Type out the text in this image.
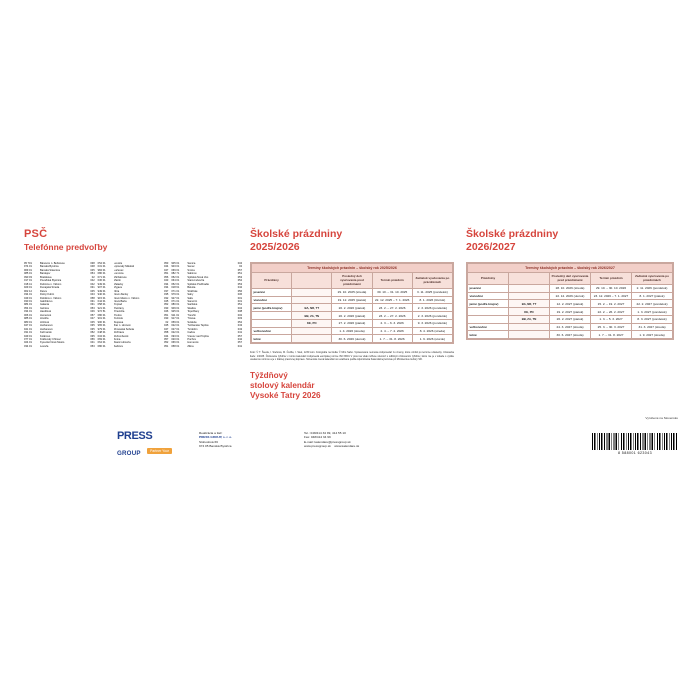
PSČ
Telefónne predvoľby
95 701	Bánovce n. Bebravou	038
974 01	Banská Bystrica	048
969 01	Banská Štiavnica	045
085 01	Bardejov	054
090 03	Bratislava	02
017 01	Považská Bystrica	042
018 41	Dubnica n. Váhom	042
929 01	Dunajská Streda	031
962 12	Detva	045
034 01	Dolný Kubín	043
049 01	Dobšiná n. Váhom	058
930 01	Gabčíkovo	031
984 01	Galanta	031
054 01	Gelnica	053
034 01	Handlová	046
066 01	Humenné	057
985 01	Hnúšťa	047
980 01	Hriňová	045
947 01	Hurbanovo	035
941 01	Hurbanovo	035
031 01	Kežmarok	052
949 01	Kolárovo	035
077 01	Kráľovský Chlmec	056
024 01	Kysucké Nové Mesto	041
034 01	Levoča	053
054 01	Levoča	053
031 01	Liptovský Mikuláš	044
984 01	Lučenec	047
080 01	Lomnica	051
071 01	Michalovce	056
036 01	Martin	043
949 01	Malacky	034
907 01	Myjava	034
949 01	Nitra	037
940 01	Nové Zámky	035
915 01	Nové Mesto n. Váhom	032
044 01	Nová Baňa	045
058 01	Poprad	052
921 01	Piešťany	033
972 51	Prievidza	046
080 01	Prešov	051
901 01	Pezinok	033
900 31	Stupava	02
965 01	Žiar n. Hronom	045
979 01	Rimavská Sobota	047
048 01	Rožňava	058
034 01	Ružomberok	044
069 01	Snina	057
064 01	Stará Ľubovňa	052
080 01	Sabinov	051
905 01	Senica	034
903 01	Senec	02
069 01	Smina	057
082 71	Sabinov	051
052 01	Spišská Nová Ves	053
064 01	Stará Ľubovňa	052
052 01	Spišské Podhradie	053
018 61	Beluša	042
071 01	Strážske	056
979 01	Šahy	036
927 01	Šaľa	031
071 01	Šamorín	031
080 01	Šarišské	051
909 01	Skalica	034
925 01	Topoľčany	038
911 01	Trenčín	032
917 01	Trnava	033
059 01	Svätuše	052
022 01	Turčianske Teplice	043
027 01	Tvrdošín	043
022 01	Čadca	041
093 01	Vranov nad Topľou	057
020 01	Púchov	042
066 01	Humenné	057
058 01	Žilina	041
Školské prázdniny
2025/2026
Termíny školských prázdnin – školský rok 2025/2026				
Prázdniny		Posledný deň vyučovania pred prázdninami	Termín prázdnin	Začiatok vyučovania po prázdninách
jesenné		29. 10. 2025 (streda)	30. 10. – 31. 10. 2025	3. 11. 2025 (pondelok)
vianočné		19. 12. 2025 (piatok)	22. 12. 2025 – 7. 1. 2026	8. 1. 2026 (štvrtok)
jarné (podľa krajov)	BA, NR, TT	20. 2. 2026 (piatok)	23. 2. – 27. 2. 2026	2. 3. 2026 (pondelok)
	BB, ZA, TN	20. 2. 2026 (piatok)	23. 2. – 27. 2. 2026	2. 3. 2026 (pondelok)
	KE, PO	27. 2. 2026 (piatok)	2. 3. – 6. 3. 2026	9. 3. 2026 (pondelok)
veľkonočné		1. 4. 2026 (streda)	2. 4. – 7. 4. 2026	8. 4. 2026 (streda)
letné		30. 6. 2026 (utorok)	1. 7. – 31. 8. 2026	1. 9. 2026 (utorok)
Foto: © T. Šveda, I. Stehová, M. Čurilla, I. Stek, 123rf.com. Fotografia na titulke © Miro Sabo. Vystavované nemusia zodpovedať zu znamy, ktoré vznikli po termíne uzávierky. Uzávierka tlače: 1/2025. Číslovanie týždňov v tomto kalendári zodpovedá európskej norme ISO 8601 V praxi sa však môžete stretnúť s odlišným číslovaním týždňov, ktoré nie je v súlade s vyššie uvedenou normou a je v štátnej pracovnej doprave. Slovenské mená kalendári sú uvádzané podľa odporúčania Kalendárnej komisie pri Ministerstve kultúry SR.
Týždňový
stolový kalendár
Vysoké Tatry 2026
Školské prázdniny
2026/2027
Termíny školských prázdnin – školský rok 2026/2027				
Prázdniny		Posledný deň vyučovania pred prázdninami	Termín prázdnin	Začiatok vyučovania po prázdninách
jesenné		28. 10. 2026 (streda)	29. 10. – 30. 10. 2026	2. 11. 2026 (pondelok)
vianočné		22. 12. 2026 (utorok)	23. 12. 2026 – 7. 1. 2027	8. 1. 2027 (piatok)
jarné (podľa krajov)	BA, NR, TT	12. 2. 2027 (piatok)	15. 2. – 19. 2. 2027	22. 2. 2027 (pondelok)
	KE, PO	19. 2. 2027 (piatok)	22. 2. – 26. 2. 2027	1. 3. 2027 (pondelok)
	BB, ZA, TN	26. 2. 2027 (piatok)	1. 3. – 5. 3. 2027	8. 3. 2027 (pondelok)
veľkonočné		24. 3. 2027 (streda)	25. 3. – 30. 3. 2027	31. 3. 2027 (streda)
letné		30. 6. 2027 (streda)	1. 7. – 31. 8. 2027	1. 9. 2027 (streda)
PRESS
GROUP	Partner Your
Realizácia a tlač:
PRESS GROUP, s. r. o.
Slobodová 66
974 05 Banská Bystrica
Tel.: 048/414 34 99, 414 55 10
Fax: 048/414 34 99
E-mail: kalendare@pressgroup.sk
www.pressgroup.sk www.kalendare.sk
Vyrobené na Slovensku
8 588001 623043
